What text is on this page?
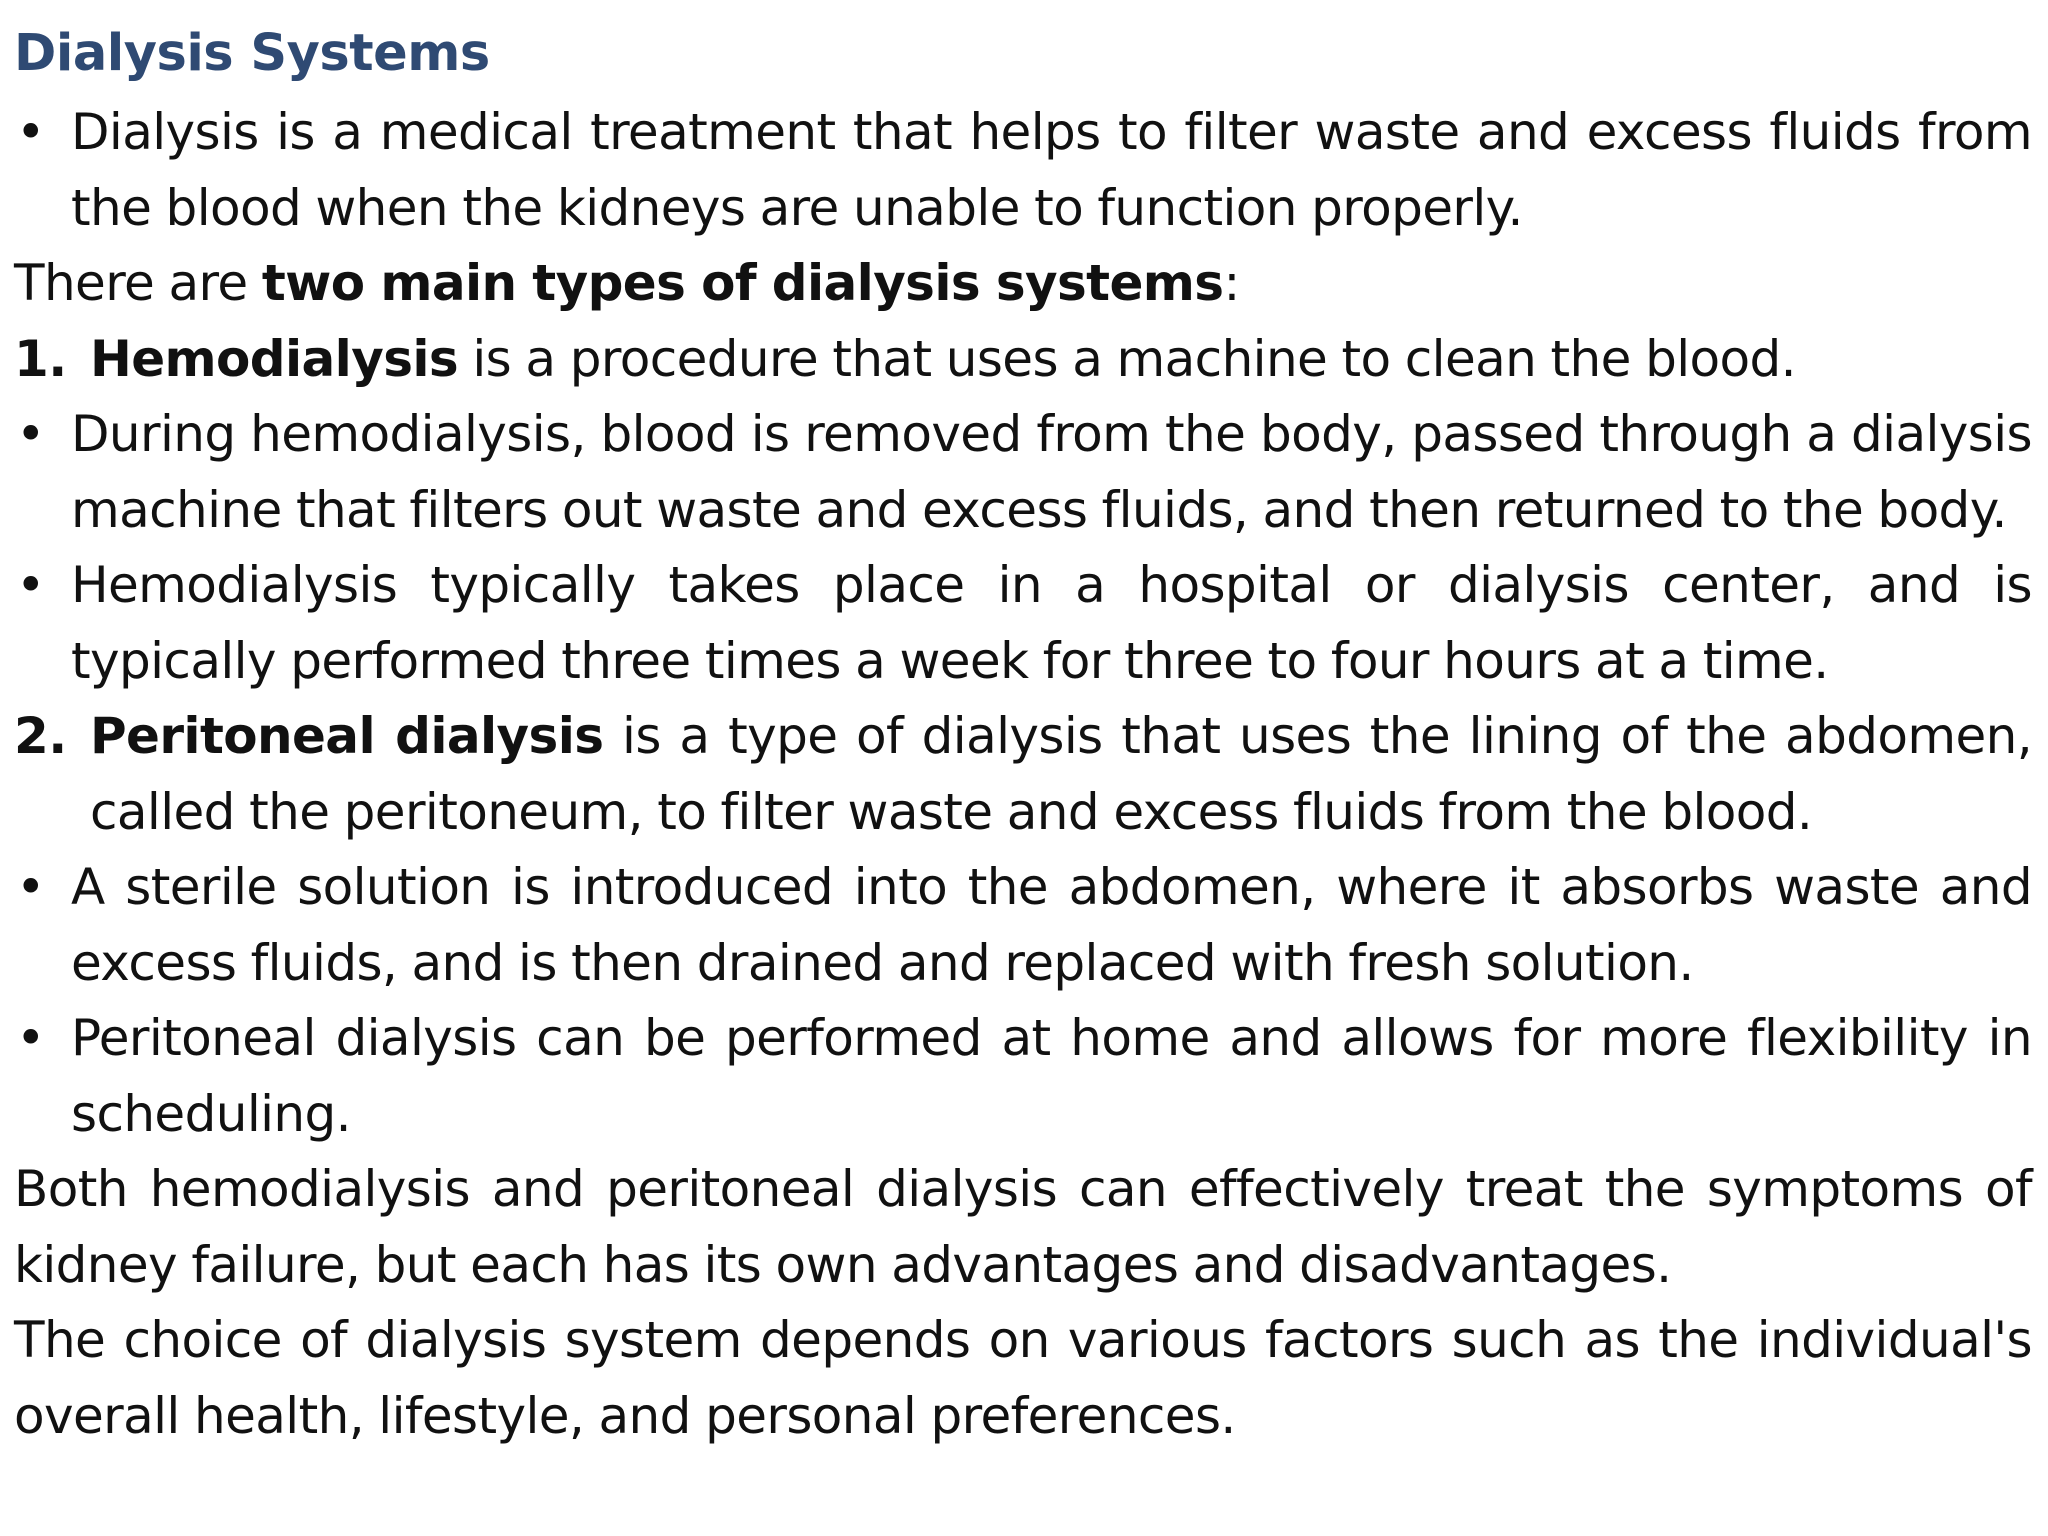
Dialysis Systems
• Dialysis is a medical treatment that helps to filter waste and excess fluids from the blood when the kidneys are unable to function properly.
There are two main types of dialysis systems:
1. Hemodialysis is a procedure that uses a machine to clean the blood.
• During hemodialysis, blood is removed from the body, passed through a dialysis machine that filters out waste and excess fluids, and then returned to the body.
• Hemodialysis typically takes place in a hospital or dialysis center, and is typically performed three times a week for three to four hours at a time.
2. Peritoneal dialysis is a type of dialysis that uses the lining of the abdomen, called the peritoneum, to filter waste and excess fluids from the blood.
• A sterile solution is introduced into the abdomen, where it absorbs waste and excess fluids, and is then drained and replaced with fresh solution.
• Peritoneal dialysis can be performed at home and allows for more flexibility in scheduling.
Both hemodialysis and peritoneal dialysis can effectively treat the symptoms of kidney failure, but each has its own advantages and disadvantages.
The choice of dialysis system depends on various factors such as the individual's overall health, lifestyle, and personal preferences.
